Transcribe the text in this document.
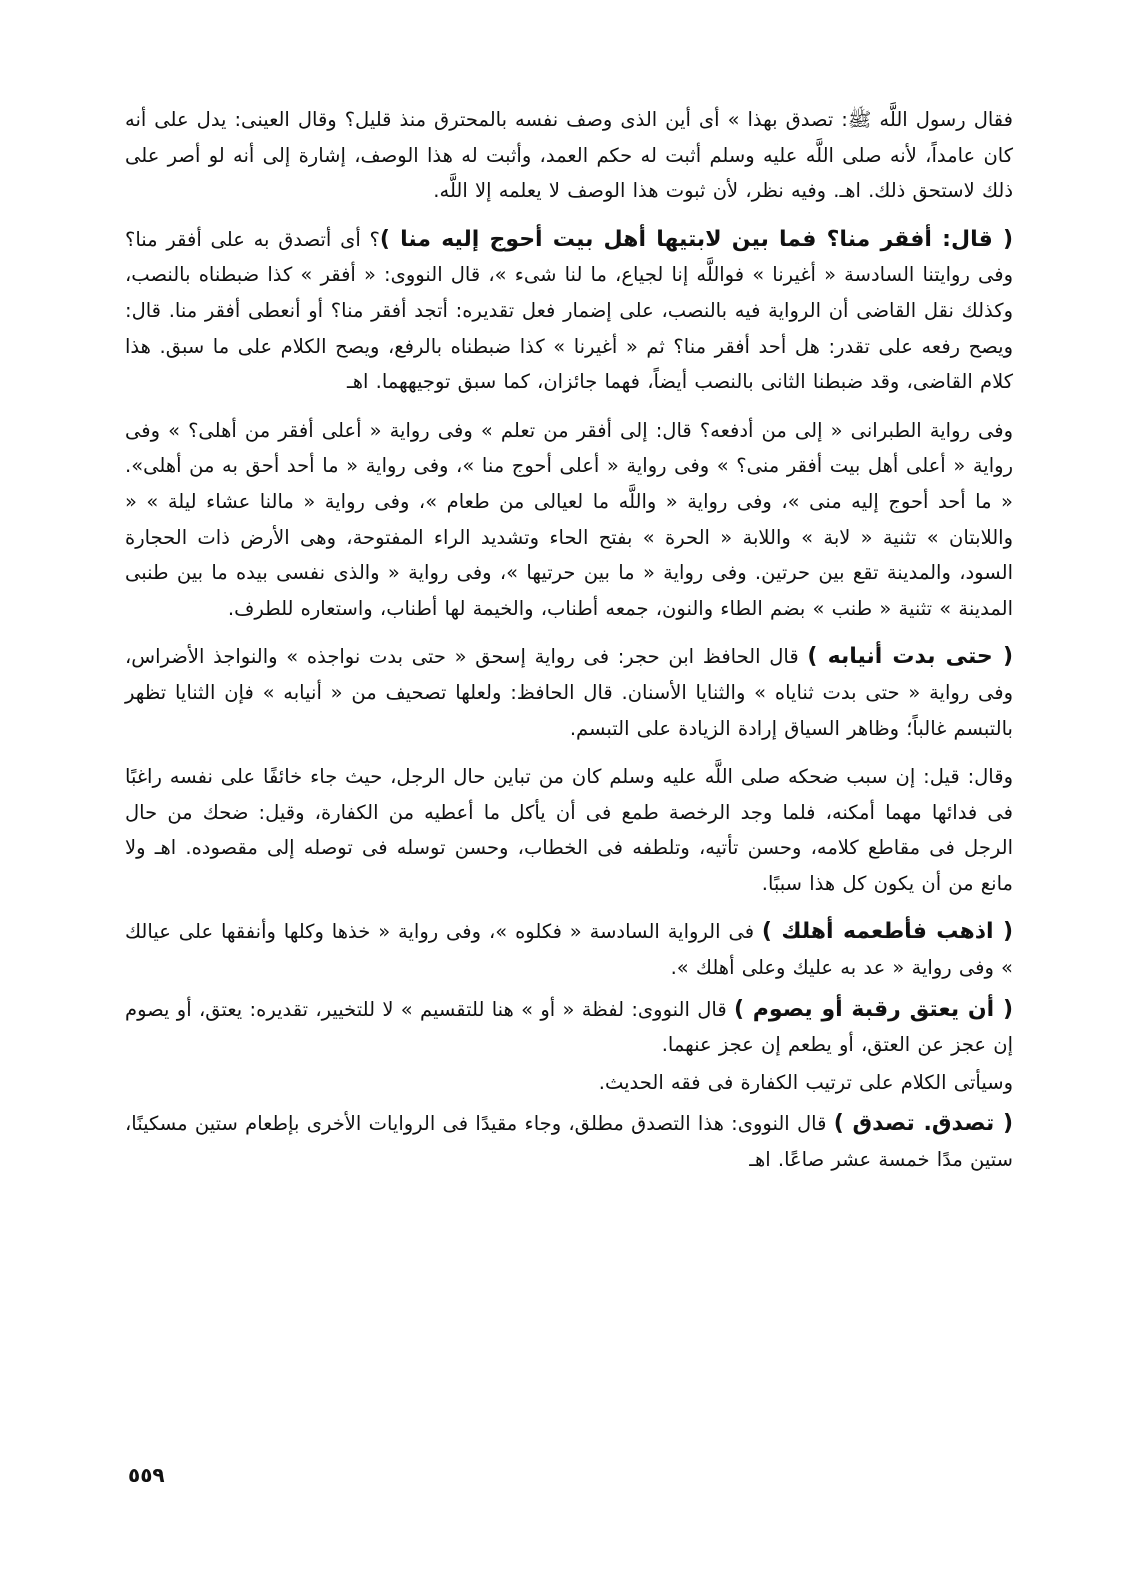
فقال رسول اللَّه ﷺ: تصدق بهذا » أى أين الذى وصف نفسه بالمحترق منذ قليل؟ وقال العينى: يدل على أنه كان عامداً، لأنه صلى اللَّه عليه وسلم أثبت له حكم العمد، وأثبت له هذا الوصف، إشارة إلى أنه لو أصر على ذلك لاستحق ذلك. اهـ. وفيه نظر، لأن ثبوت هذا الوصف لا يعلمه إلا اللَّه.

( قال: أفقر منا؟ فما بين لابتيها أهل بيت أحوج إليه منا )؟ أى أتصدق به على أفقر منا؟ وفى روايتنا السادسة « أغيرنا » فواللَّه إنا لجياع، ما لنا شىء »، قال النووى: « أفقر » كذا ضبطناه بالنصب، وكذلك نقل القاضى أن الرواية فيه بالنصب، على إضمار فعل تقديره: أتجد أفقر منا؟ أو أنعطى أفقر منا. قال: ويصح رفعه على تقدر: هل أحد أفقر منا؟ ثم « أغيرنا » كذا ضبطناه بالرفع، ويصح الكلام على ما سبق. هذا كلام القاضى، وقد ضبطنا الثانى بالنصب أيضاً، فهما جائزان، كما سبق توجيههما. اهـ

وفى رواية الطبرانى « إلى من أدفعه؟ قال: إلى أفقر من تعلم » وفى رواية « أعلى أفقر من أهلى؟ » وفى رواية « أعلى أهل بيت أفقر منى؟ » وفى رواية « أعلى أحوج منا »، وفى رواية « ما أحد أحق به من أهلى». « ما أحد أحوج إليه منى »، وفى رواية « واللَّه ما لعيالى من طعام »، وفى رواية « مالنا عشاء ليلة » « واللابتان » تثنية « لابة » واللابة « الحرة » بفتح الحاء وتشديد الراء المفتوحة، وهى الأرض ذات الحجارة السود، والمدينة تقع بين حرتين. وفى رواية « ما بين حرتيها »، وفى رواية « والذى نفسى بيده ما بين طنبى المدينة » تثنية « طنب » بضم الطاء والنون، جمعه أطناب، والخيمة لها أطناب، واستعاره للطرف.

( حتى بدت أنيابه ) قال الحافظ ابن حجر: فى رواية إسحق « حتى بدت نواجذه » والنواجذ الأضراس، وفى رواية « حتى بدت ثناياه » والثنايا الأسنان. قال الحافظ: ولعلها تصحيف من « أنيابه » فإن الثنايا تظهر بالتبسم غالباً؛ وظاهر السياق إرادة الزيادة على التبسم.

وقال: قيل: إن سبب ضحكه صلى اللَّه عليه وسلم كان من تباين حال الرجل، حيث جاء خائفًا على نفسه راغبًا فى فدائها مهما أمكنه، فلما وجد الرخصة طمع فى أن يأكل ما أعطيه من الكفارة، وقيل: ضحك من حال الرجل فى مقاطع كلامه، وحسن تأتيه، وتلطفه فى الخطاب، وحسن توسله فى توصله إلى مقصوده. اهـ ولا مانع من أن يكون كل هذا سببًا.

( اذهب فأطعمه أهلك ) فى الرواية السادسة « فكلوه »، وفى رواية « خذها وكلها وأنفقها على عيالك » وفى رواية « عد به عليك وعلى أهلك ».

( أن يعتق رقبة أو يصوم ) قال النووى: لفظة « أو » هنا للتقسيم » لا للتخيير، تقديره: يعتق، أو يصوم إن عجز عن العتق، أو يطعم إن عجز عنهما.

وسيأتى الكلام على ترتيب الكفارة فى فقه الحديث.

( تصدق. تصدق ) قال النووى: هذا التصدق مطلق، وجاء مقيدًا فى الروايات الأخرى بإطعام ستين مسكينًا، ستين مدًا خمسة عشر صاعًا. اهـ

٥٥٩
